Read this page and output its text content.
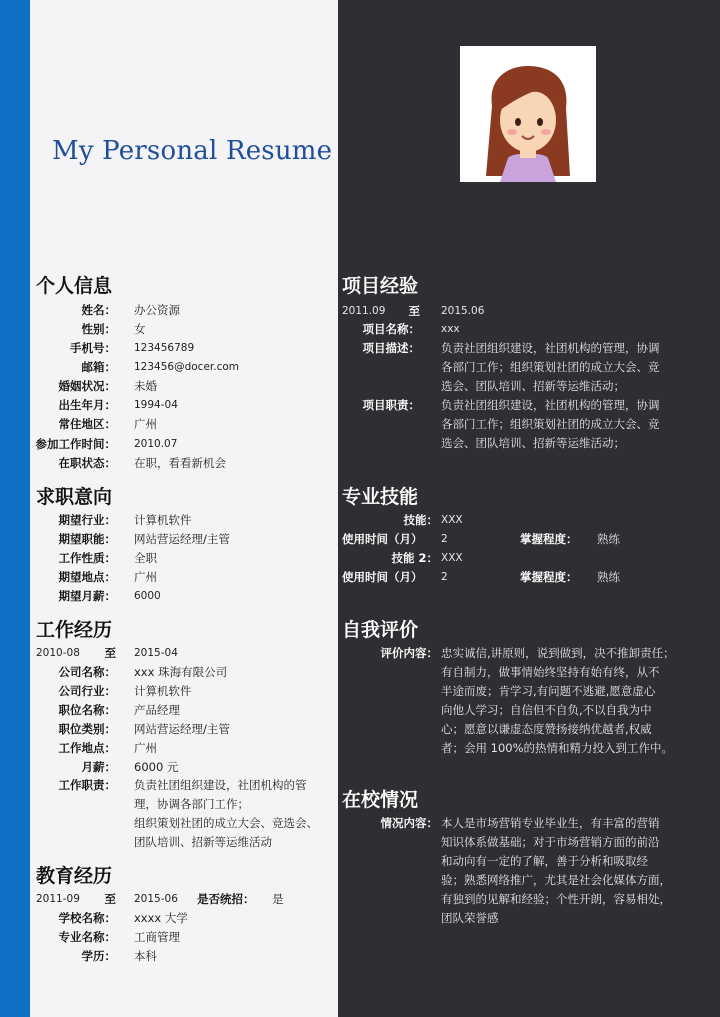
My Personal Resume
个人信息
姓名： 办公资源
性别： 女
手机号： 123456789
邮箱： 123456@docer.com
婚姻状况： 未婚
出生年月： 1994-04
常住地区： 广州
参加工作时间： 2010.07
在职状态： 在职，看看新机会
求职意向
期望行业： 计算机软件
期望职能： 网站营运经理/主管
工作性质： 全职
期望地点： 广州
期望月薪： 6000
工作经历
2010-08 至 2015-04
公司名称： xxx 珠海有限公司
公司行业： 计算机软件
职位名称： 产品经理
职位类别： 网站营运经理/主管
工作地点： 广州
月薪： 6000 元
工作职责： 负责社团组织建设，社团机构的管
理，协调各部门工作；
组织策划社团的成立大会、竞选会、
团队培训、招新等运维活动
教育经历
2011-09 至 2015-06 是否统招： 是
学校名称： xxxx 大学
专业名称： 工商管理
学历： 本科
项目经验
2011.09 至 2015.06
项目名称： xxx
项目描述： 负责社团组织建设，社团机构的管理，协调
各部门工作；组织策划社团的成立大会、竞
选会、团队培训、招新等运维活动；
项目职责： 负责社团组织建设，社团机构的管理，协调
各部门工作；组织策划社团的成立大会、竞
选会、团队培训、招新等运维活动；
专业技能
技能： XXX
使用时间（月） 2	掌握程度： 熟练
技能 2： XXX
使用时间（月） 2	掌握程度： 熟练
自我评价
评价内容： 忠实诚信,讲原则，说到做到，决不推卸责任；
有自制力，做事情始终坚持有始有终，从不
半途而废；肯学习,有问题不逃避,愿意虚心
向他人学习；自信但不自负,不以自我为中
心；愿意以谦虚态度赞扬接纳优越者,权威
者；会用 100%的热情和精力投入到工作中。
在校情况
情况内容： 本人是市场营销专业毕业生，有丰富的营销
知识体系做基础；对于市场营销方面的前沿
和动向有一定的了解，善于分析和吸取经
验；熟悉网络推广，尤其是社会化媒体方面，
有独到的见解和经验；个性开朗，容易相处，
团队荣誉感
